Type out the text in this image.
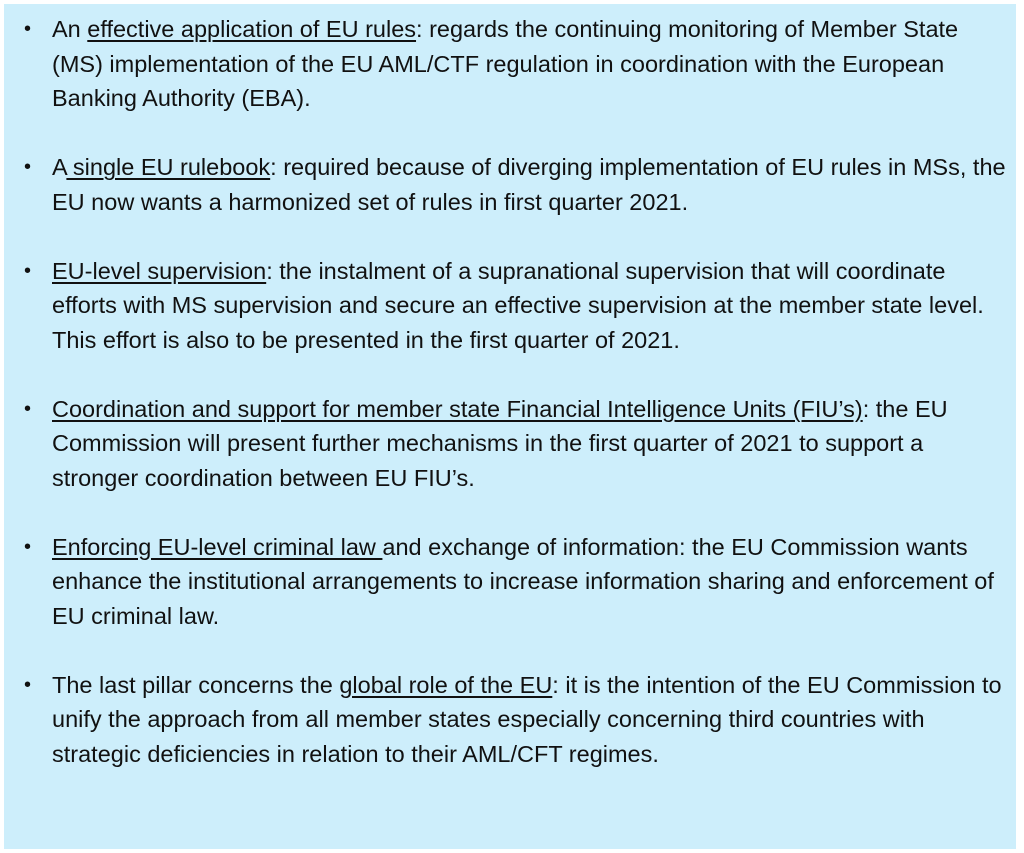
• An effective application of EU rules: regards the continuing monitoring of Member State (MS) implementation of the EU AML/CTF regulation in coordination with the European Banking Authority (EBA).
• A single EU rulebook: required because of diverging implementation of EU rules in MSs, the EU now wants a harmonized set of rules in first quarter 2021.
• EU-level supervision: the instalment of a supranational supervision that will coordinate efforts with MS supervision and secure an effective supervision at the member state level. This effort is also to be presented in the first quarter of 2021.
• Coordination and support for member state Financial Intelligence Units (FIU’s): the EU Commission will present further mechanisms in the first quarter of 2021 to support a stronger coordination between EU FIU’s.
• Enforcing EU-level criminal law and exchange of information: the EU Commission wants enhance the institutional arrangements to increase information sharing and enforcement of EU criminal law.
• The last pillar concerns the global role of the EU: it is the intention of the EU Commission to unify the approach from all member states especially concerning third countries with strategic deficiencies in relation to their AML/CFT regimes.
